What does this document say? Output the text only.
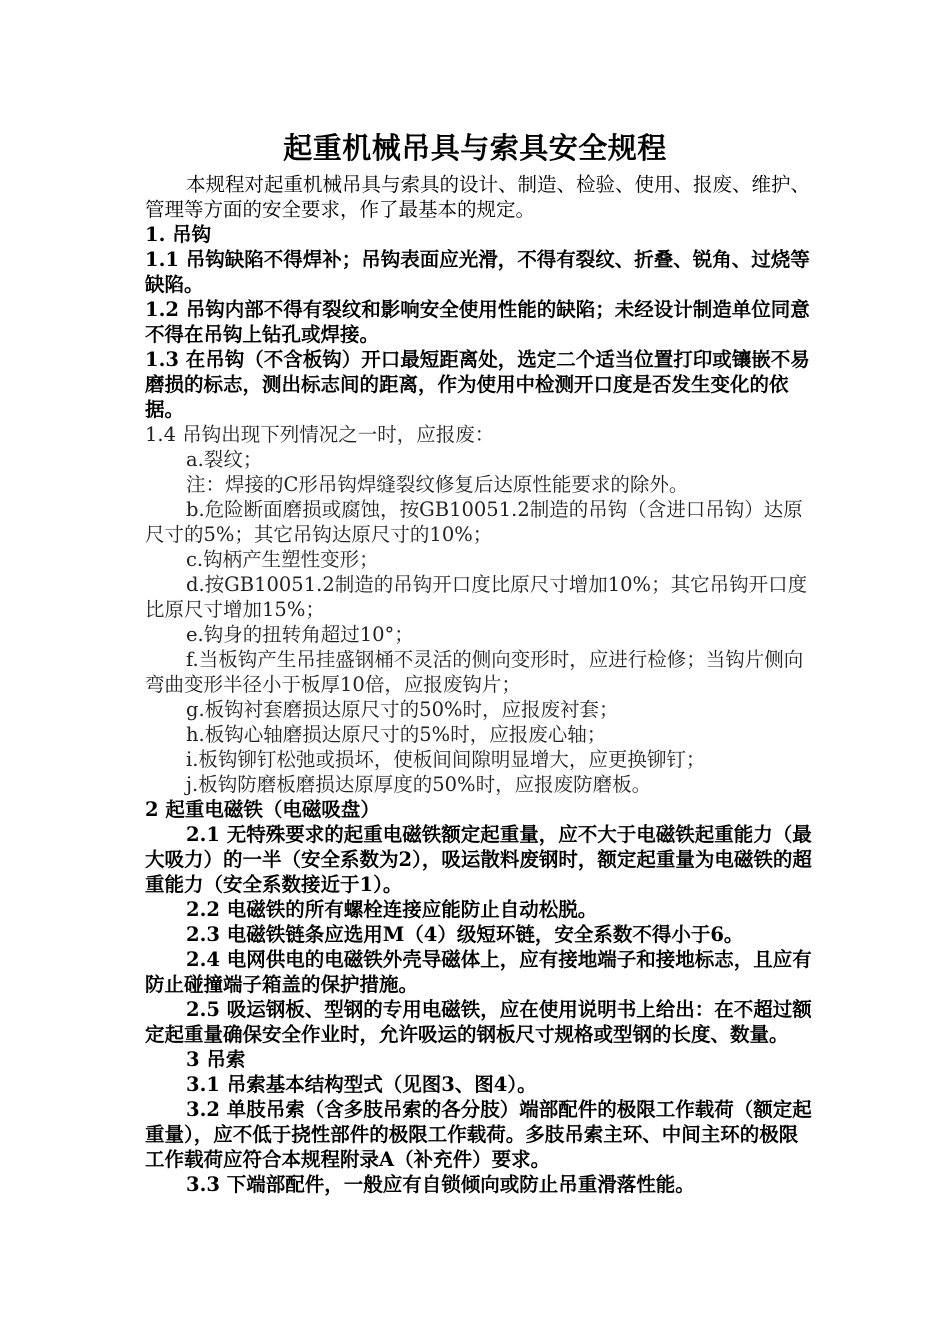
起重机械吊具与索具安全规程

本规程对起重机械吊具与索具的设计、制造、检验、使用、报废、维护、管理等方面的安全要求，作了最基本的规定。

1. 吊钩

1.1 吊钩缺陷不得焊补；吊钩表面应光滑，不得有裂纹、折叠、锐角、过烧等缺陷。

1.2 吊钩内部不得有裂纹和影响安全使用性能的缺陷；未经设计制造单位同意不得在吊钩上钻孔或焊接。

1.3 在吊钩（不含板钩）开口最短距离处，选定二个适当位置打印或镶嵌不易磨损的标志，测出标志间的距离，作为使用中检测开口度是否发生变化的依据。

1.4 吊钩出现下列情况之一时，应报废：

a.裂纹；

注：焊接的C形吊钩焊缝裂纹修复后达原性能要求的除外。

b.危险断面磨损或腐蚀，按GB10051.2制造的吊钩（含进口吊钩）达原尺寸的5%；其它吊钩达原尺寸的10%；

c.钩柄产生塑性变形；

d.按GB10051.2制造的吊钩开口度比原尺寸增加10%；其它吊钩开口度比原尺寸增加15%；

e.钩身的扭转角超过10°；

f.当板钩产生吊挂盛钢桶不灵活的侧向变形时，应进行检修；当钩片侧向弯曲变形半径小于板厚10倍，应报废钩片；

g.板钩衬套磨损达原尺寸的50%时，应报废衬套；

h.板钩心轴磨损达原尺寸的5%时，应报废心轴；

i.板钩铆钉松弛或损坏，使板间间隙明显增大，应更换铆钉；

j.板钩防磨板磨损达原厚度的50%时，应报废防磨板。

2 起重电磁铁（电磁吸盘）

2.1 无特殊要求的起重电磁铁额定起重量，应不大于电磁铁起重能力（最大吸力）的一半（安全系数为2），吸运散料废钢时，额定起重量为电磁铁的超重能力（安全系数接近于1）。

2.2 电磁铁的所有螺栓连接应能防止自动松脱。

2.3 电磁铁链条应选用M（4）级短环链，安全系数不得小于6。

2.4 电网供电的电磁铁外壳导磁体上，应有接地端子和接地标志，且应有防止碰撞端子箱盖的保护措施。

2.5 吸运钢板、型钢的专用电磁铁，应在使用说明书上给出：在不超过额定起重量确保安全作业时，允许吸运的钢板尺寸规格或型钢的长度、数量。

3 吊索

3.1 吊索基本结构型式（见图3、图4）。

3.2 单肢吊索（含多肢吊索的各分肢）端部配件的极限工作载荷（额定起重量），应不低于挠性部件的极限工作载荷。多肢吊索主环、中间主环的极限工作载荷应符合本规程附录A（补充件）要求。

3.3 下端部配件，一般应有自锁倾向或防止吊重滑落性能。
